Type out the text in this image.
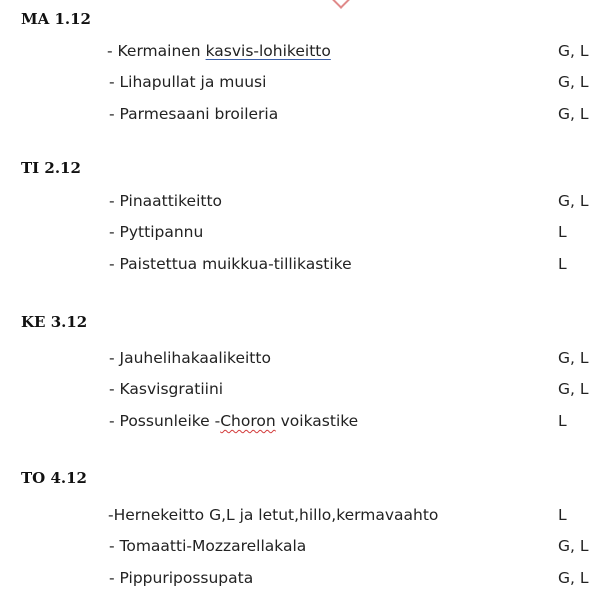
MA 1.12
- Kermainen kasvis-lohikeitto	G, L
- Lihapullat ja muusi	G, L
- Parmesaani broileria	G, L
TI 2.12
- Pinaattikeitto	G, L
- Pyttipannu	L
- Paistettua muikkua-tillikastike	L
KE 3.12
- Jauhelihakaalikeitto	G, L
- Kasvisgratiini	G, L
- Possunleike -Choron voikastike	L
TO 4.12
-Hernekeitto G,L ja letut,hillo,kermavaahto	L
- Tomaatti-Mozzarellakala	G, L
- Pippuripossupata	G, L
